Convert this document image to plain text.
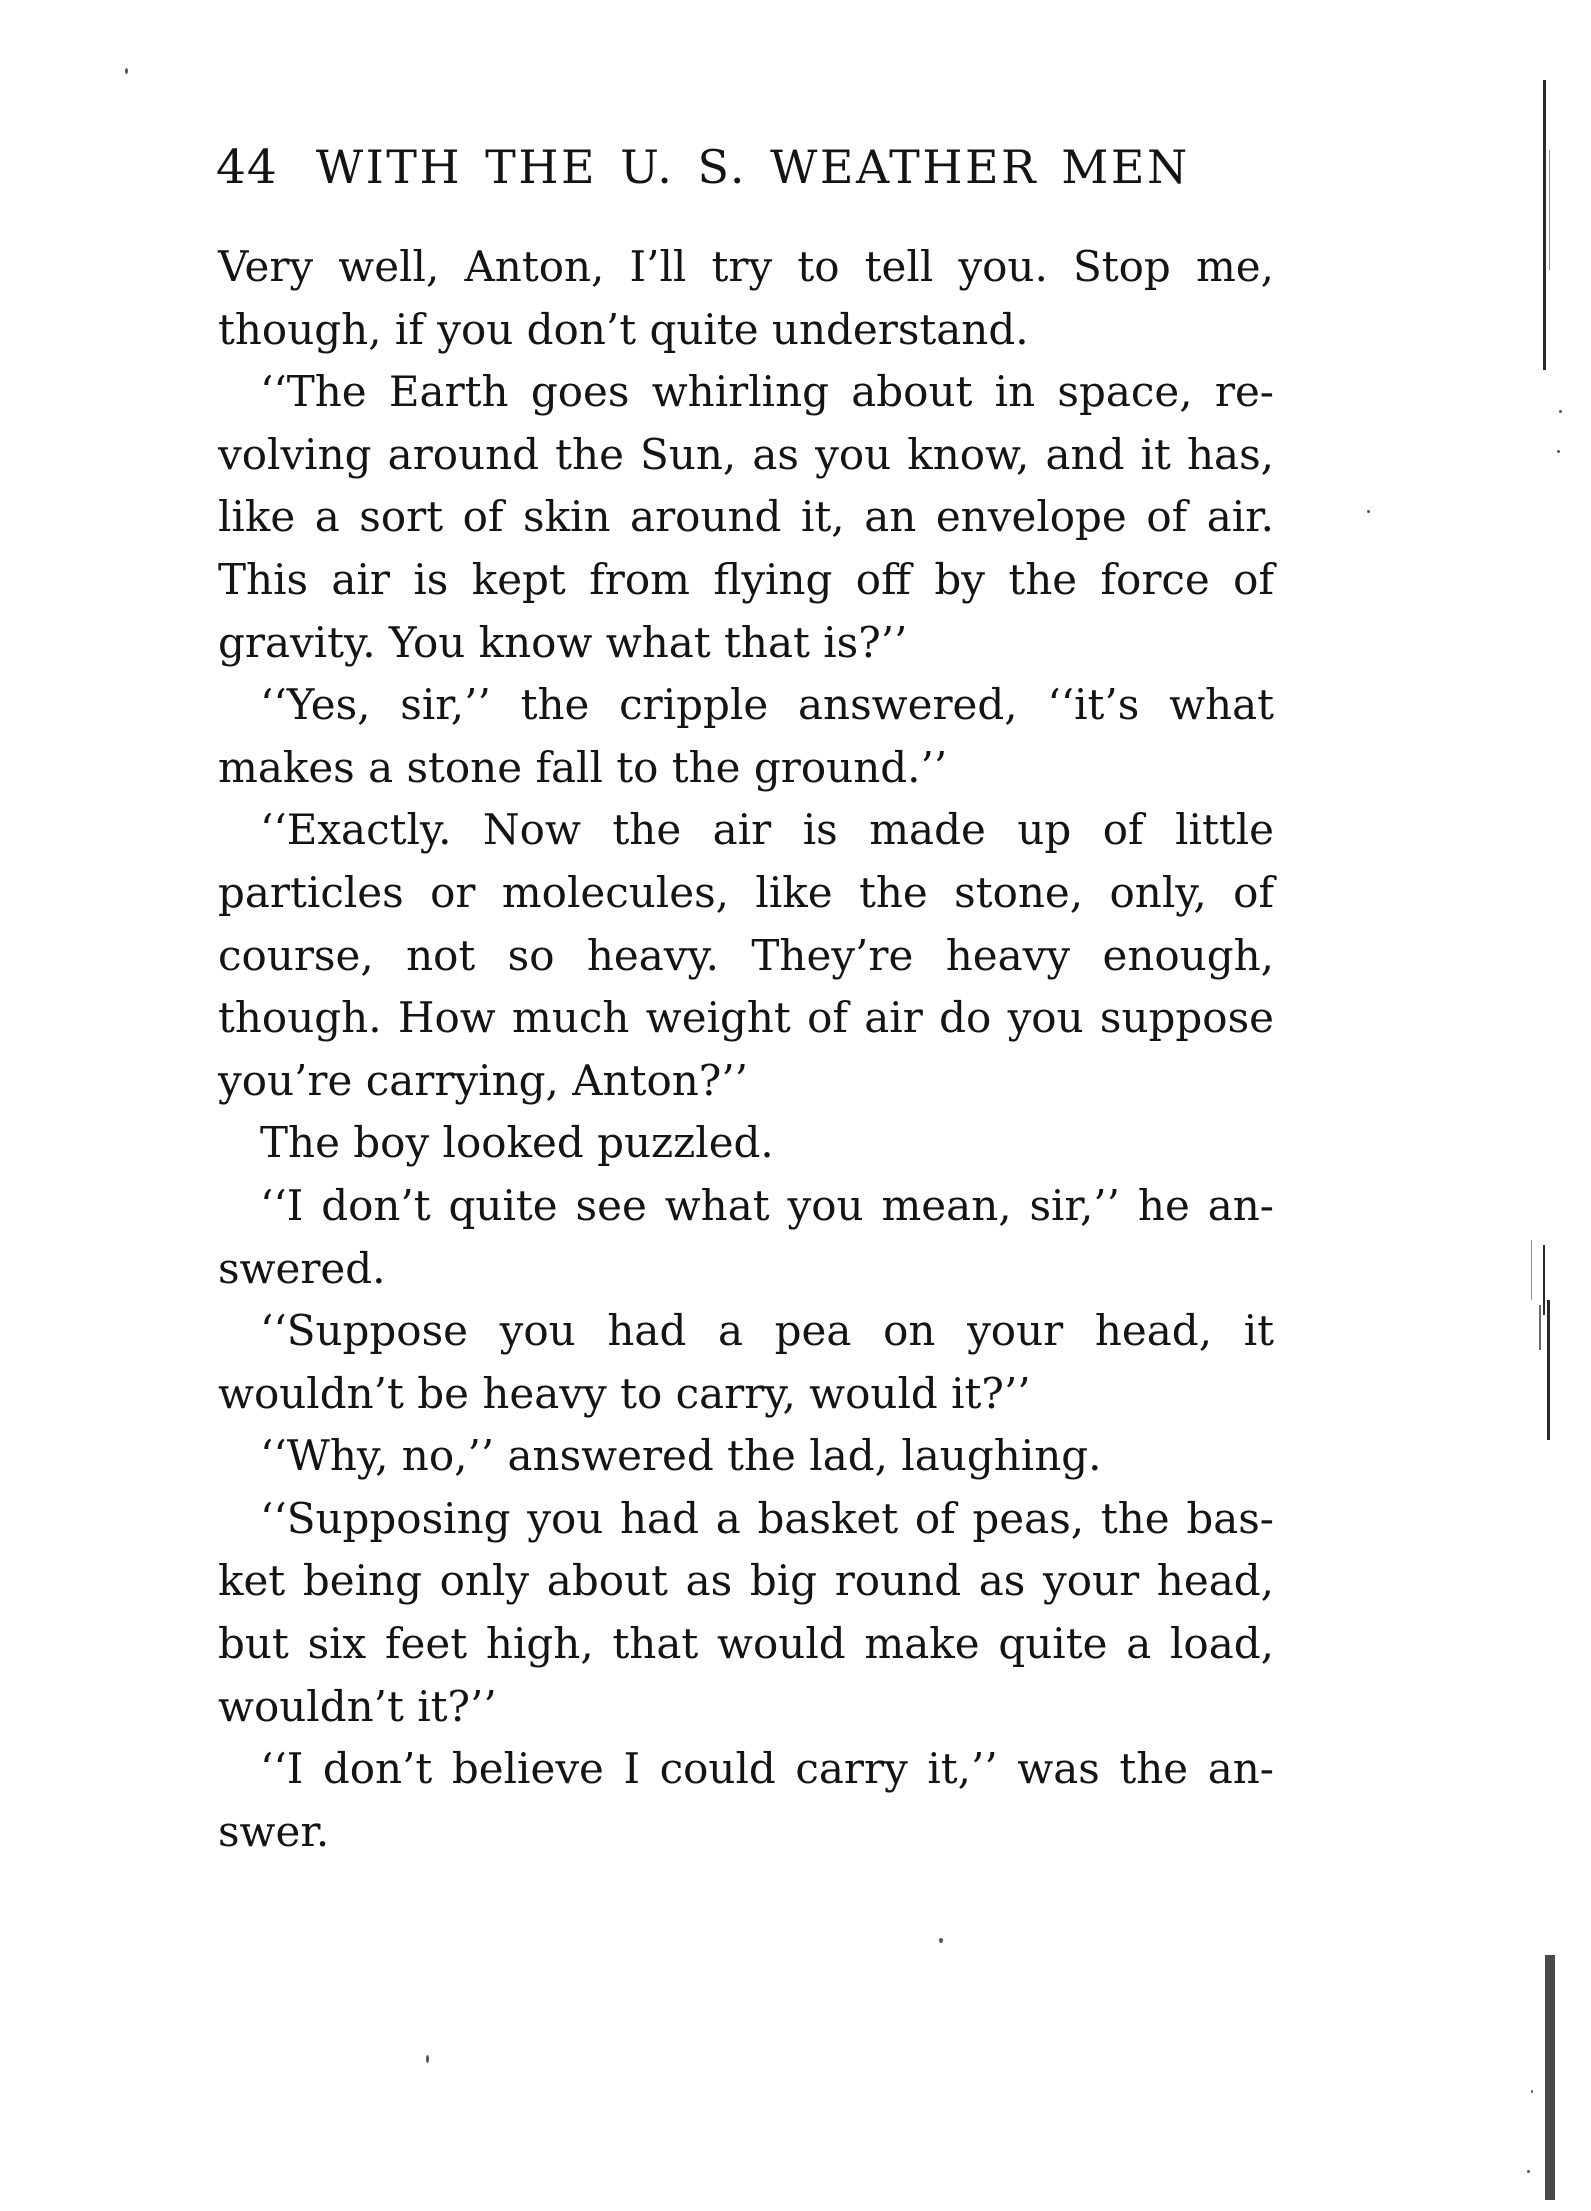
44 WITH THE U. S. WEATHER MEN
Very well, Anton, I’ll try to tell you. Stop me,
though, if you don’t quite understand.
‘‘The Earth goes whirling about in space, re-
volving around the Sun, as you know, and it has,
like a sort of skin around it, an envelope of air.
This air is kept from flying off by the force of
gravity. You know what that is?’’
‘‘Yes, sir,’’ the cripple answered, ‘‘it’s what
makes a stone fall to the ground.’’
‘‘Exactly. Now the air is made up of little
particles or molecules, like the stone, only, of
course, not so heavy. They’re heavy enough,
though. How much weight of air do you suppose
you’re carrying, Anton?’’
The boy looked puzzled.
‘‘I don’t quite see what you mean, sir,’’ he an-
swered.
‘‘Suppose you had a pea on your head, it
wouldn’t be heavy to carry, would it?’’
‘‘Why, no,’’ answered the lad, laughing.
‘‘Supposing you had a basket of peas, the bas-
ket being only about as big round as your head,
but six feet high, that would make quite a load,
wouldn’t it?’’
‘‘I don’t believe I could carry it,’’ was the an-
swer.
